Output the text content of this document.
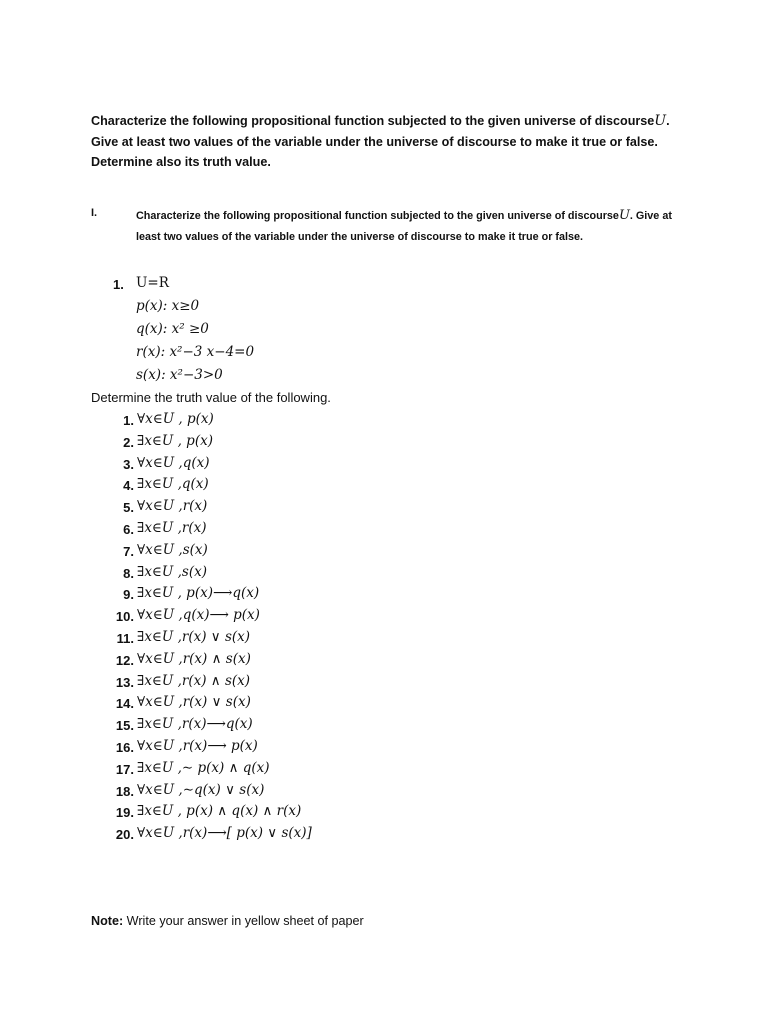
Characterize the following propositional function subjected to the given universe of discourseU. Give at least two values of the variable under the universe of discourse to make it true or false. Determine also its truth value.
I.	Characterize the following propositional function subjected to the given universe of discourseU. Give at least two values of the variable under the universe of discourse to make it true or false.
1. U=R
p(x): x≥0
q(x): x² ≥0
r(x): x²−3 x−4=0
s(x): x²−3>0
Determine the truth value of the following.
1. ∀x∈U , p(x)
2. ∃x∈U , p(x)
3. ∀x∈U ,q(x)
4. ∃x∈U ,q(x)
5. ∀x∈U ,r(x)
6. ∃x∈U ,r(x)
7. ∀x∈U ,s(x)
8. ∃x∈U ,s(x)
9. ∃x∈U , p(x)⟶q(x)
10. ∀x∈U ,q(x)⟶ p(x)
11. ∃x∈U ,r(x) ∨ s(x)
12. ∀x∈U ,r(x) ∧ s(x)
13. ∃x∈U ,r(x) ∧ s(x)
14. ∀x∈U ,r(x) ∨ s(x)
15. ∃x∈U ,r(x)⟶q(x)
16. ∀x∈U ,r(x)⟶ p(x)
17. ∃x∈U ,∼ p(x) ∧ q(x)
18. ∀x∈U ,∼q(x) ∨ s(x)
19. ∃x∈U , p(x) ∧ q(x) ∧ r(x)
20. ∀x∈U ,r(x)⟶[ p(x) ∨ s(x)]
Note: Write your answer in yellow sheet of paper
